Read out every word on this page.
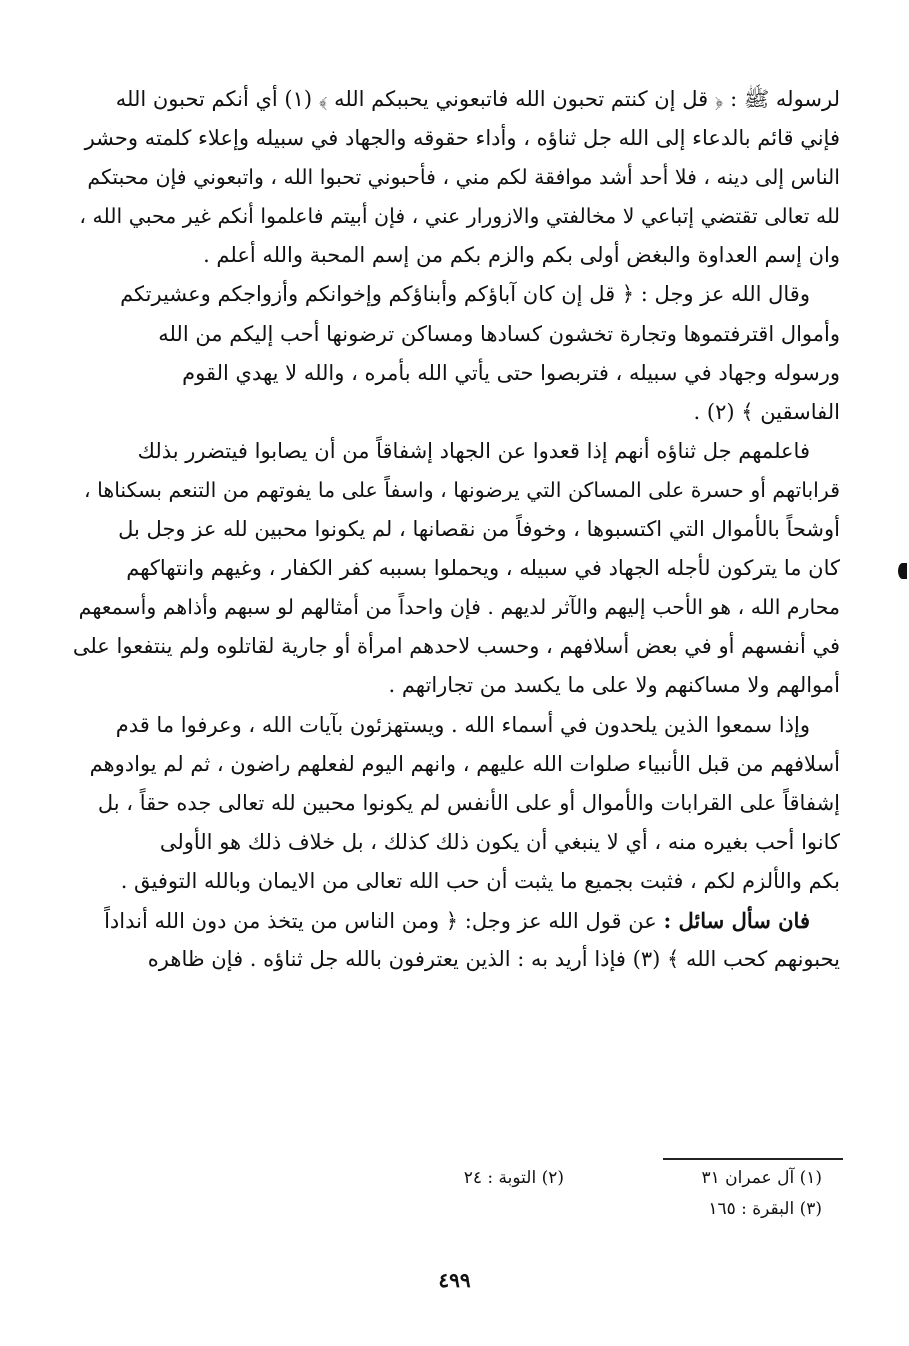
لرسوله ﷺ : ﴿ قل إن كنتم تحبون الله فاتبعوني يحببكم الله ﴾ (١) أي أنكم تحبون الله
فإني قائم بالدعاء إلى الله جل ثناؤه ، وأداء حقوقه والجهاد في سبيله وإعلاء كلمته وحشر
الناس إلى دينه ، فلا أحد أشد موافقة لكم مني ، فأحبوني تحبوا الله ، واتبعوني فإن محبتكم
لله تعالى تقتضي إتباعي لا مخالفتي والازورار عني ، فإن أبيتم فاعلموا أنكم غير محبي الله ،
وان إسم العداوة والبغض أولى بكم والزم بكم من إسم المحبة والله أعلم .
وقال الله عز وجل : ﴿ قل إن كان آباؤكم وأبناؤكم وإخوانكم وأزواجكم وعشيرتكم
وأموال اقترفتموها وتجارة تخشون كسادها ومساكن ترضونها أحب إليكم من الله
ورسوله وجهاد في سبيله ، فتربصوا حتى يأتي الله بأمره ، والله لا يهدي القوم
الفاسقين ﴾ (٢) .
فاعلمهم جل ثناؤه أنهم إذا قعدوا عن الجهاد إشفاقاً من أن يصابوا فيتضرر بذلك
قراباتهم أو حسرة على المساكن التي يرضونها ، واسفاً على ما يفوتهم من التنعم بسكناها ،
أوشحاً بالأموال التي اكتسبوها ، وخوفاً من نقصانها ، لم يكونوا محبين لله عز وجل بل
كان ما يتركون لأجله الجهاد في سبيله ، ويحملوا بسببه كفر الكفار ، وغيهم وانتهاكهم
محارم الله ، هو الأحب إليهم والآثر لديهم . فإن واحداً من أمثالهم لو سبهم وأذاهم وأسمعهم
في أنفسهم أو في بعض أسلافهم ، وحسب لاحدهم امرأة أو جارية لقاتلوه ولم ينتفعوا على
أموالهم ولا مساكنهم ولا على ما يكسد من تجاراتهم .
وإذا سمعوا الذين يلحدون في أسماء الله . ويستهزئون بآيات الله ، وعرفوا ما قدم
أسلافهم من قبل الأنبياء صلوات الله عليهم ، وانهم اليوم لفعلهم راضون ، ثم لم يوادوهم
إشفاقاً على القرابات والأموال أو على الأنفس لم يكونوا محبين لله تعالى جده حقاً ، بل
كانوا أحب بغيره منه ، أي لا ينبغي أن يكون ذلك كذلك ، بل خلاف ذلك هو الأولى
بكم والألزم لكم ، فثبت بجميع ما يثبت أن حب الله تعالى من الايمان وبالله التوفيق .
فان سأل سائل : عن قول الله عز وجل: ﴿ ومن الناس من يتخذ من دون الله أنداداً
يحبونهم كحب الله ﴾ (٣) فإذا أريد به : الذين يعترفون بالله جل ثناؤه . فإن ظاهره
(١) آل عمران ٣١
(٢) التوبة : ٢٤
(٣) البقرة : ١٦٥
٤٩٩
